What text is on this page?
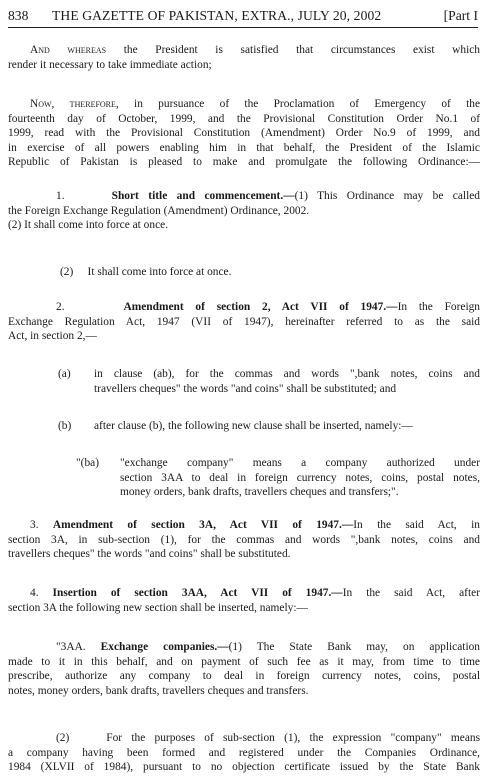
838 THE GAZETTE OF PAKISTAN, EXTRA., JULY 20, 2002	[Part I
And whereas the President is satisfied that circumstances exist which
render it necessary to take immediate action;
Now, therefore, in pursuance of the Proclamation of Emergency of the
fourteenth day of October, 1999, and the Provisional Constitution Order No.1 of
1999, read with the Provisional Constitution (Amendment) Order No.9 of 1999, and
in exercise of all powers enabling him in that behalf, the President of the Islamic
Republic of Pakistan is pleased to make and promulgate the following Ordinance:—
1.	Short title and commencement.—(1) This Ordinance may be called
the Foreign Exchange Regulation (Amendment) Ordinance, 2002.
(2) It shall come into force at once.
(2) It shall come into force at once.
2.	Amendment of section 2, Act VII of 1947.—In the Foreign
Exchange Regulation Act, 1947 (VII of 1947), hereinafter referred to as the said
Act, in section 2,—
(a) in clause (ab), for the commas and words ",bank notes, coins and
travellers cheques" the words "and coins" shall be substituted; and
(b) after clause (b), the following new clause shall be inserted, namely:—
"(ba) "exchange company" means a company authorized under
section 3AA to deal in foreign currency notes, coins, postal notes,
money orders, bank drafts, travellers cheques and transfers;".
3. Amendment of section 3A, Act VII of 1947.—In the said Act, in
section 3A, in sub-section (1), for the commas and words ",bank notes, coins and
travellers cheques" the words "and coins" shall be substituted.
4. Insertion of section 3AA, Act VII of 1947.—In the said Act, after
section 3A the following new section shall be inserted, namely:—
"3AA. Exchange companies.—(1) The State Bank may, on application
made to it in this behalf, and on payment of such fee as it may, from time to time
prescribe, authorize any company to deal in foreign currency notes, coins, postal
notes, money orders, bank drafts, travellers cheques and transfers.
(2)	For the purposes of sub-section (1), the expression "company" means
a company having been formed and registered under the Companies Ordinance,
1984 (XLVII of 1984), pursuant to no objection certificate issued by the State Bank
